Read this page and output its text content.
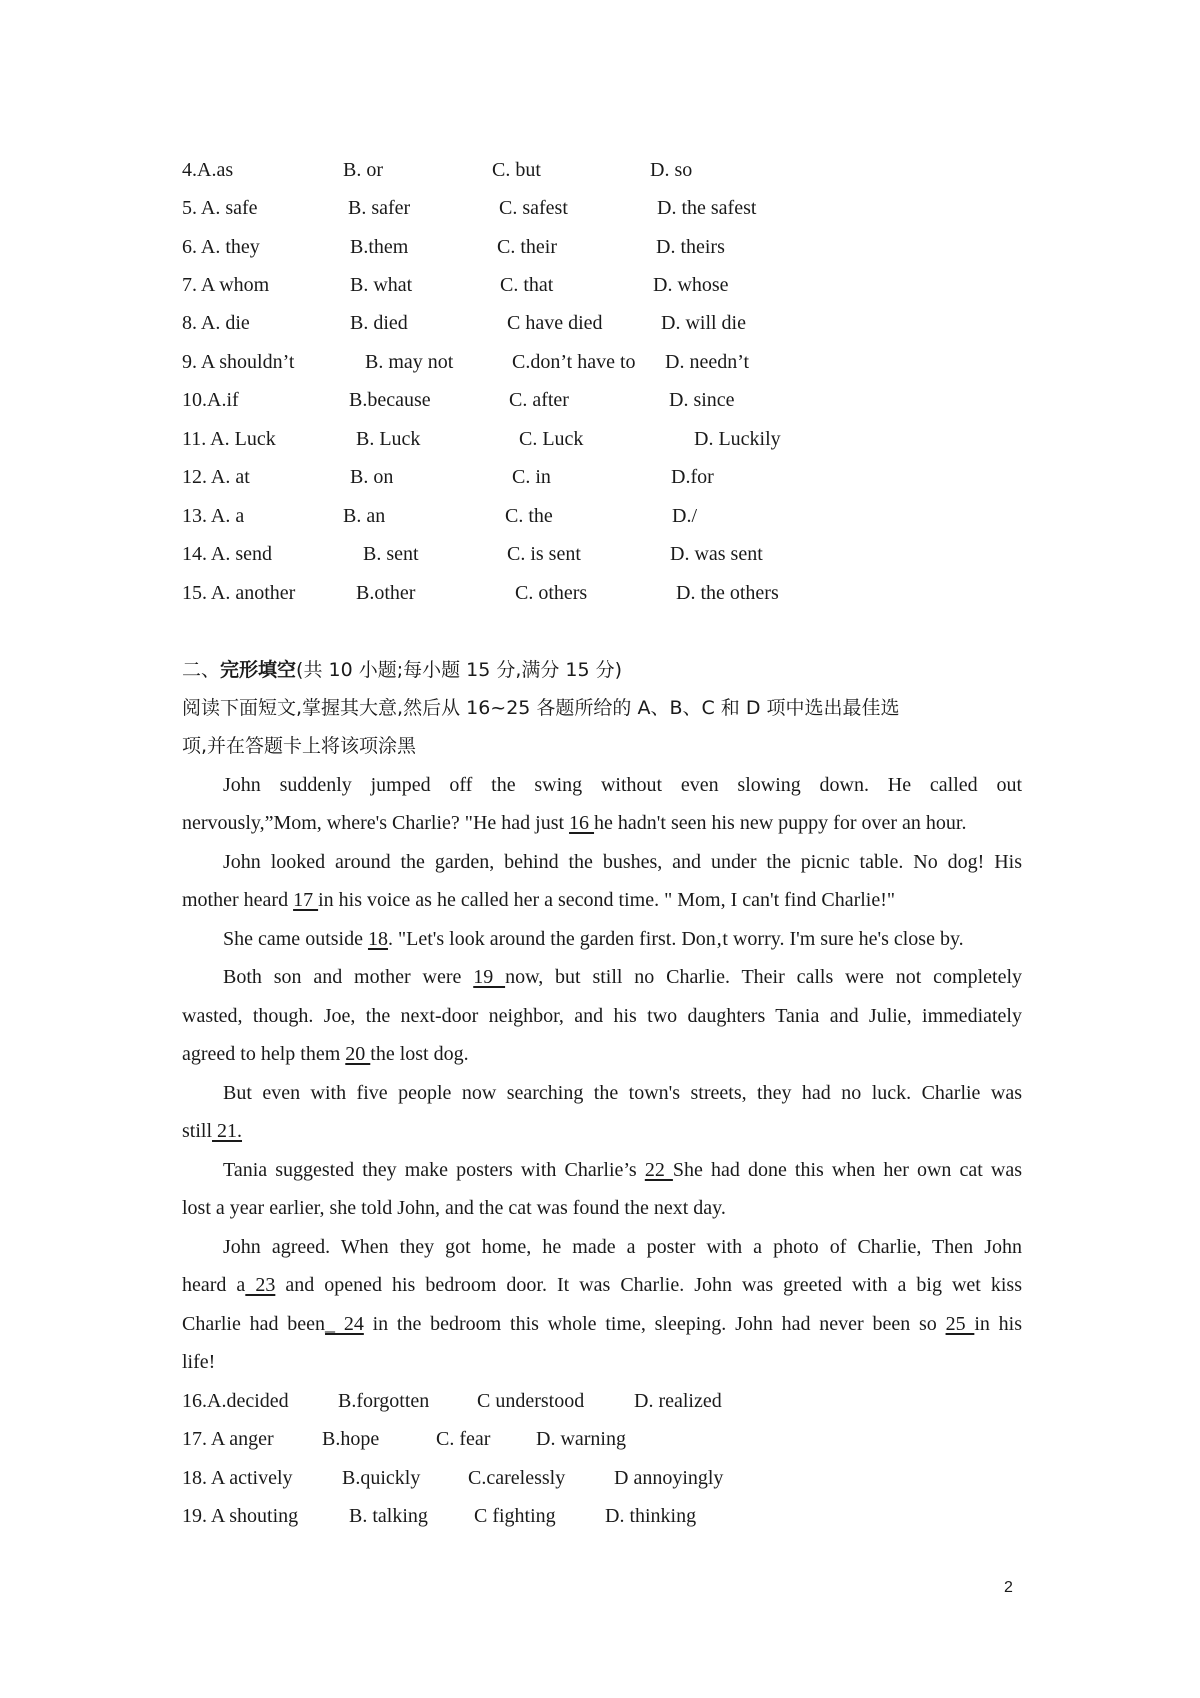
4.A.as	B. or	C. but	D. so
5. A. safe	B. safer	C. safest	D. the safest
6. A. they	B.them	C. their	D. theirs
7. A whom	B. what	C. that	D. whose
8. A. die	B. died	C have died	D. will die
9. A shouldn’t	B. may not	C.don’t have to D. needn’t
10.A.if	B.because	C. after	D. since
11. A. Luck	B. Luck	C. Luck	D. Luckily
12. A. at	B. on	C. in	D.for
13. A. a	B. an	C. the	D./
14. A. send	B. sent	C. is sent	D. was sent
15. A. another	B.other	C. others	D. the others
二、完形填空(共 10 小题;每小题 15 分,满分 15 分)
阅读下面短文,掌握其大意,然后从 16~25 各题所给的 A、B、C 和 D 项中选出最佳选
项,并在答题卡上将该项涂黑
John suddenly jumped off the swing without even slowing down. He called out
nervously,”Mom, where's Charlie? "He had just 16 he hadn't seen his new puppy for over an hour.
John looked around the garden, behind the bushes, and under the picnic table. No dog! His
mother heard 17 in his voice as he called her a second time. " Mom, I can't find Charlie!"
She came outside 18. "Let's look around the garden first. Don‚t worry. I'm sure he's close by.
Both son and mother were 19 now, but still no Charlie. Their calls were not completely
wasted, though. Joe, the next-door neighbor, and his two daughters Tania and Julie, immediately
agreed to help them 20 the lost dog.
But even with five people now searching the town's streets, they had no luck. Charlie was
still 21.
Tania suggested they make posters with Charlie’s 22 She had done this when her own cat was
lost a year earlier, she told John, and the cat was found the next day.
John agreed. When they got home, he made a poster with a photo of Charlie, Then John
heard a 23 and opened his bedroom door. It was Charlie. John was greeted with a big wet kiss
Charlie had been_ 24 in the bedroom this whole time, sleeping. John had never been so 25 in his
life!
16.A.decided B.forgotten C understood D. realized
17. A anger B.hope	C. fear D. warning
18. A actively B.quickly C.carelessly D annoyingly
19. A shouting	B. talking C fighting D. thinking
2
